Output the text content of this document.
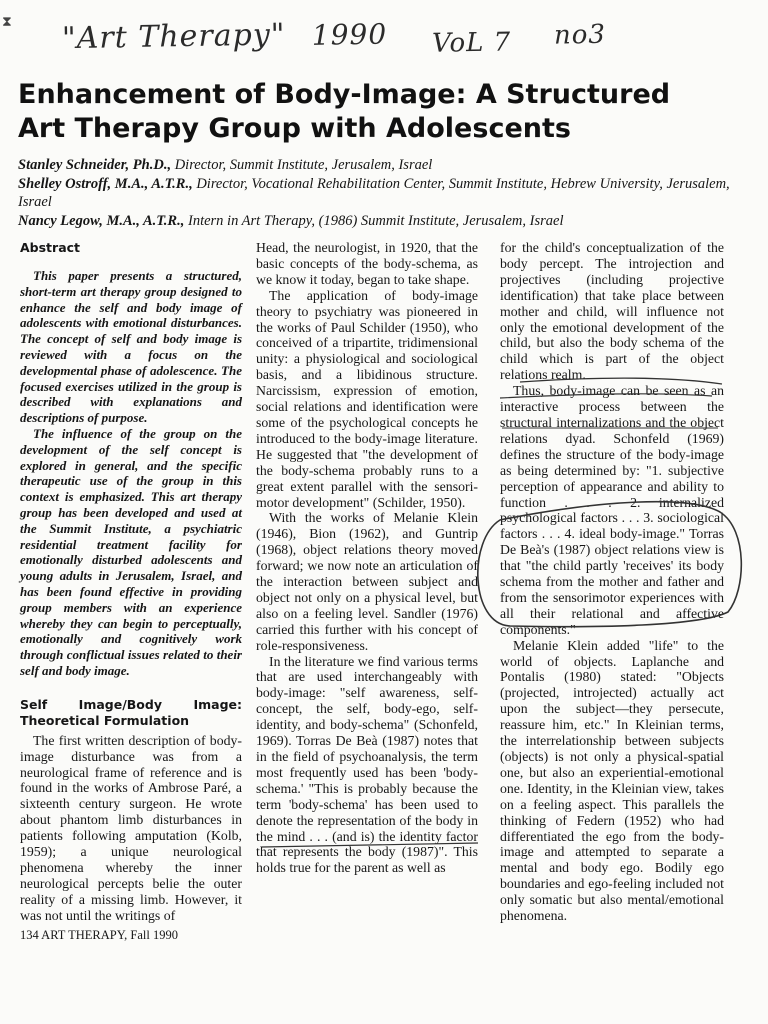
⧗ "Art Therapy" 1990 VoL 7 no3
Enhancement of Body-Image: A Structured
Art Therapy Group with Adolescents
Stanley Schneider, Ph.D., Director, Summit Institute, Jerusalem, Israel
Shelley Ostroff, M.A., A.T.R., Director, Vocational Rehabilitation Center, Summit Institute, Hebrew University, Jerusalem, Israel
Nancy Legow, M.A., A.T.R., Intern in Art Therapy, (1986) Summit Institute, Jerusalem, Israel
Abstract

This paper presents a structured, short-term art therapy group designed to enhance the self and body image of adolescents with emotional disturbances. The concept of self and body image is reviewed with a focus on the developmental phase of adolescence. The focused exercises utilized in the group is described with explanations and descriptions of purpose.

The influence of the group on the development of the self concept is explored in general, and the specific therapeutic use of the group in this context is emphasized. This art therapy group has been developed and used at the Summit Institute, a psychiatric residential treatment facility for emotionally disturbed adolescents and young adults in Jerusalem, Israel, and has been found effective in providing group members with an experience whereby they can begin to perceptually, emotionally and cognitively work through conflictual issues related to their self and body image.

Self Image/Body Image: Theoretical Formulation

The first written description of body-image disturbance was from a neurological frame of reference and is found in the works of Ambrose Paré, a sixteenth century surgeon. He wrote about phantom limb disturbances in patients following amputation (Kolb, 1959); a unique neurological phenomena whereby the inner neurological percepts belie the outer reality of a missing limb. However, it was not until the writings of

Head, the neurologist, in 1920, that the basic concepts of the body-schema, as we know it today, began to take shape.

The application of body-image theory to psychiatry was pioneered in the works of Paul Schilder (1950), who conceived of a tripartite, tridimensional unity: a physiological and sociological basis, and a libidinous structure. Narcissism, expression of emotion, social relations and identification were some of the psychological concepts he introduced to the body-image literature. He suggested that "the development of the body-schema probably runs to a great extent parallel with the sensori-motor development" (Schilder, 1950).

With the works of Melanie Klein (1946), Bion (1962), and Guntrip (1968), object relations theory moved forward; we now note an articulation of the interaction between subject and object not only on a physical level, but also on a feeling level. Sandler (1976) carried this further with his concept of role-responsiveness.

In the literature we find various terms that are used interchangeably with body-image: "self awareness, self-concept, the self, body-ego, self-identity, and body-schema" (Schonfeld, 1969). Torras De Beà (1987) notes that in the field of psychoanalysis, the term most frequently used has been 'body-schema.' "This is probably because the term 'body-schema' has been used to denote the representation of the body in the mind . . . (and is) the identity factor that represents the body (1987)". This holds true for the parent as well as

for the child's conceptualization of the body percept. The introjection and projectives (including projective identification) that take place between mother and child, will influence not only the emotional development of the child, but also the body schema of the child which is part of the object relations realm.

Thus, body-image can be seen as an interactive process between the structural internalizations and the object relations dyad. Schonfeld (1969) defines the structure of the body-image as being determined by: "1. subjective perception of appearance and ability to function . . . 2. internalized psychological factors . . . 3. sociological factors . . . 4. ideal body-image." Torras De Beà's (1987) object relations view is that "the child partly 'receives' its body schema from the mother and father and from the sensorimotor experiences with all their relational and affective components."

Melanie Klein added "life" to the world of objects. Laplanche and Pontalis (1980) stated: "Objects (projected, introjected) actually act upon the subject—they persecute, reassure him, etc." In Kleinian terms, the interrelationship between subjects (objects) is not only a physical-spatial one, but also an experiential-emotional one. Identity, in the Kleinian view, takes on a feeling aspect. This parallels the thinking of Federn (1952) who had differentiated the ego from the body-image and attempted to separate a mental and body ego. Bodily ego boundaries and ego-feeling included not only somatic but also mental/emotional phenomena.

134 ART THERAPY, Fall 1990
